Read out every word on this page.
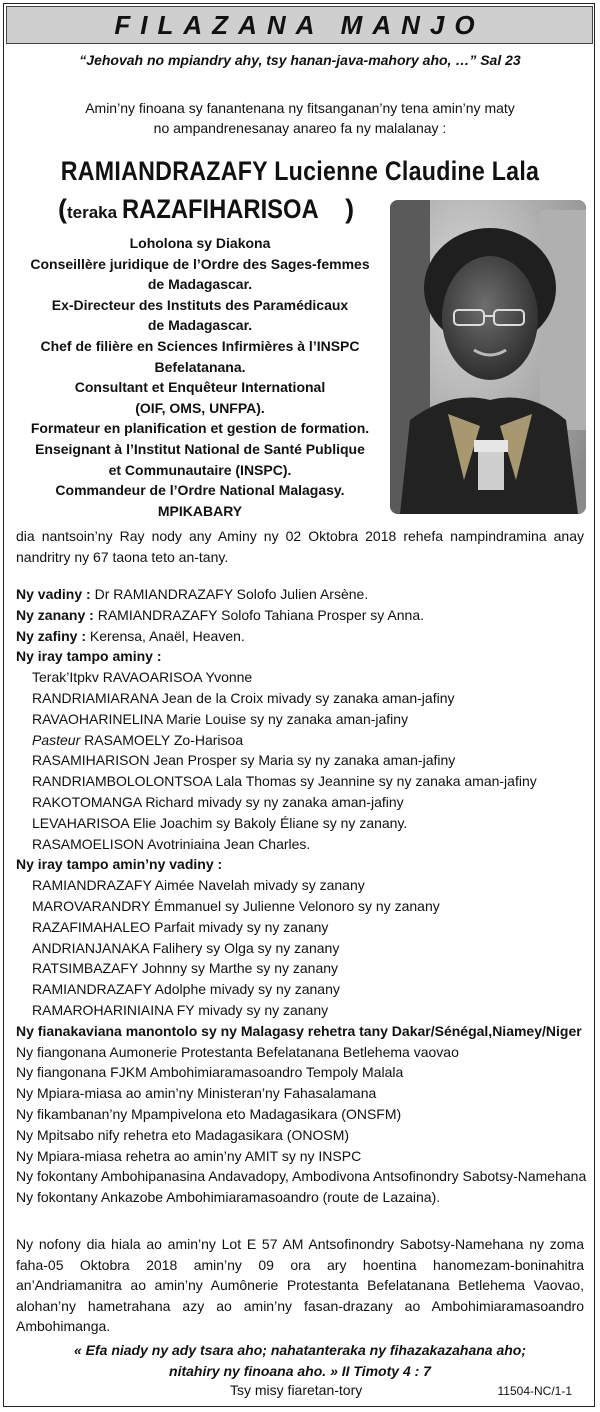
FILAZANA MANJO
“Jehovah no mpiandry ahy, tsy hanan-java-mahory aho, …” Sal 23
Amin’ny finoana sy fanantenana ny fitsanganan’ny tena amin’ny maty
no ampandrenesanay anareo fa ny malalanay :
RAMIANDRAZAFY Lucienne Claudine Lala
(teraka RAZAFIHARISOA )
Loholona sy Diakona
Conseillère juridique de l’Ordre des Sages-femmes
de Madagascar.
Ex-Directeur des Instituts des Paramédicaux
de Madagascar.
Chef de filière en Sciences Infirmières à l’INSPC
Befelatanana.
Consultant et Enquêteur International
(OIF, OMS, UNFPA).
Formateur en planification et gestion de formation.
Enseignant à l’Institut National de Santé Publique
et Communautaire (INSPC).
Commandeur de l’Ordre National Malagasy.
MPIKABARY
dia nantsoin’ny Ray nody any Aminy ny 02 Oktobra 2018 rehefa nampindramina anay nandritry ny 67 taona teto an-tany.
Ny vadiny : Dr RAMIANDRAZAFY Solofo Julien Arsène.
Ny zanany : RAMIANDRAZAFY Solofo Tahiana Prosper sy Anna.
Ny zafiny : Kerensa, Anaël, Heaven.
Ny iray tampo aminy :
Terak’Itpkv RAVAOARISOA Yvonne
RANDRIAMIARANA Jean de la Croix mivady sy zanaka aman-jafiny
RAVAOHARINELINA Marie Louise sy ny zanaka aman-jafiny
Pasteur RASAMOELY Zo-Harisoa
RASAMIHARISON Jean Prosper sy Maria sy ny zanaka aman-jafiny
RANDRIAMBOLOLONTSOA Lala Thomas sy Jeannine sy ny zanaka aman-jafiny
RAKOTOMANGA Richard mivady sy ny zanaka aman-jafiny
LEVAHARISOA Elie Joachim sy Bakoly Éliane sy ny zanany.
RASAMOELISON Avotriniaina Jean Charles.
Ny iray tampo amin’ny vadiny :
RAMIANDRAZAFY Aimée Navelah mivady sy zanany
MAROVARANDRY Émmanuel sy Julienne Velonoro sy ny zanany
RAZAFIMAHALEO Parfait mivady sy ny zanany
ANDRIANJANAKA Falihery sy Olga sy ny zanany
RATSIMBAZAFY Johnny sy Marthe sy ny zanany
RAMIANDRAZAFY Adolphe mivady sy ny zanany
RAMAROHARINIAINA FY mivady sy ny zanany
Ny fianakaviana manontolo sy ny Malagasy rehetra tany Dakar/Sénégal,Niamey/Niger
Ny fiangonana Aumonerie Protestanta Befelatanana Betlehema vaovao
Ny fiangonana FJKM Ambohimiaramasoandro Tempoly Malala
Ny Mpiara-miasa ao amin’ny Ministeran’ny Fahasalamana
Ny fikambanan’ny Mpampivelona eto Madagasikara (ONSFM)
Ny Mpitsabo nify rehetra eto Madagasikara (ONOSM)
Ny Mpiara-miasa rehetra ao amin’ny AMIT sy ny INSPC
Ny fokontany Ambohipanasina Andavadopy, Ambodivona Antsofinondry Sabotsy-Namehana
Ny fokontany Ankazobe Ambohimiaramasoandro (route de Lazaina).
Ny nofony dia hiala ao amin’ny Lot E 57 AM Antsofinondry Sabotsy-Namehana ny zoma faha-05 Oktobra 2018 amin’ny 09 ora ary hoentina hanomezam-boninahitra an’Andriamanitra ao amin’ny Aumônerie Protestanta Befelatanana Betlehema Vaovao, alohan’ny hametrahana azy ao amin’ny fasan-drazany ao Ambohimiaramasoandro Ambohimanga.
« Efa niady ny ady tsara aho; nahatanteraka ny fihazakazahana aho;
nitahiry ny finoana aho. » II Timoty 4 : 7
Tsy misy fiaretan-tory	11504-NC/1-1
